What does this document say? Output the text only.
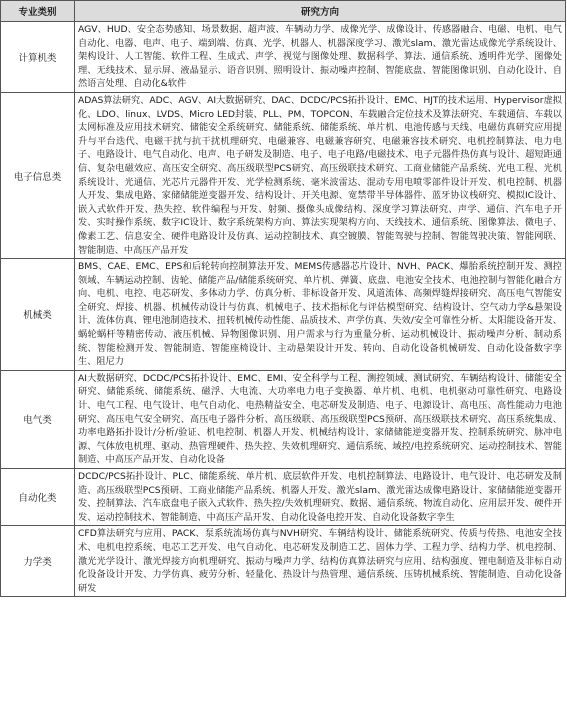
专业类别	研究方向
计算机类	AGV、HUD、安全态势感知、场景数据、超声波、车辆动力学、成像光学、成像设计、传感器融合、电磁、电机、电气自动化、电器、电声、电子、端到端、仿真、光学、机器人、机器深度学习、激光slam、激光雷达成像光学系统设计、架构设计、人工智能、软件工程、生成式、声学、视觉与图像处理、数据科学、算法、通信系统、透明件光学、图像处理、无线技术、显示屏、液晶显示、语音识别、照明设计、振动噪声控制、智能底盘、智能图像识别、自动化设计、自然语言处理、自动化&软件
电子信息类	ADAS算法研究、ADC、AGV、AI大数据研究、DAC、DCDC/PCS拓扑设计、EMC、HJT的技术运用、Hypervisor虚拟化、LDO、linux、LVDS、Micro LED封装、PLL、PM、TOPCON、车载融合定位技术及算法研究、车载通信、车载以太网标准及应用技术研究、储能安全系统研究、储能系统、储能系统、单片机、电池传感与天线、电磁仿真研究应用提升与平台迭代、电磁干扰与抗干扰机理研究、电磁兼容、电磁兼容研究、电磁兼容技术研究、电机控制算法、电力电子、电路设计、电气自动化、电声、电子研发及制造、电子、电子电路/电磁技术、电子元器件热仿真与设计、超短距通信、复杂电磁效应、高压安全研究、高压级联型PCS研究、高压级联技术研究、工商业储能产品系统、光电工程、光机系统设计、光通信、光芯片元器件开发、光学检测系统、毫米波雷达、混动专用电喷零部件设计开发、机电控制、机器人开发、集成电路、家储储能逆变器开发、结构设计、开关电源、宽禁带半导体器件、蓝牙协议栈研究、模拟IC设计、嵌入式软件开发、热失控、软件编程与开发、射频、摄像头成像结构、深度学习算法研究、声学、通信、汽车电子开发、实时操作系统、数字IC设计、数字系统架构方向、算法实现架构方向、天线技术、通信系统、图像算法、微电子、像素工艺、信息安全、硬件电路设计及仿真、运动控制技术、真空镀膜、智能驾驶与控制、智能驾驶决策、智能网联、智能制造、中高压产品开发
机械类	BMS、CAE、EMC、EPS和后轮转向控制算法开发、MEMS传感器芯片设计、NVH、PACK、爆胎系统控制开发、测控领域、车辆运动控制、齿轮、储能产品/储能系统研究、单片机、弹簧、底盘、电池安全技术、电池控制与智能化融合方向、电机、电控、电芯研发、多体动力学、仿真分析、非标设备开发、风道流体、高频焊缝焊接研究、高压电气智能安全研究、焊接、机器、机械传动设计与仿真、机械电子、技术指标化与评估模型研究、结构设计、空气动力学&悬架设计、流体仿真、锂电池制造技术、扭转机械传动性能、品质技术、声学仿真、失效/安全可靠性分析、太阳能设备开发、蜗轮蜗杆等精密传动、液压机械、异物图像识别、用户需求与行为重量分析、运动机械设计、振动噪声分析、制动系统、智能检测开发、智能制造、智能座椅设计、主动悬架设计开发、转向、自动化设备机械研发、自动化设备数字孪生、阻尼力
电气类	AI大数据研究、DCDC/PCS拓扑设计、EMC、EMI、安全科学与工程、测控领域、测试研究、车辆结构设计、储能安全研究、储能系统、储能系统、磁浮、大电流、大功率电力电子变换器、单片机、电机、电机驱动可靠性研究、电路设计、电气工程、电气设计、电气自动化、电热精益安全、电芯研发及制造、电子、电源设计、高电压、高性能动力电池研究、高压电气安全研究、高压电子器件分析、高压级联、高压级联型PCS预研、高压级联技术研究、高压系统集成、功率电路拓扑设计/分析/验证、机电控制、机器人开发、机械结构设计、家储储能逆变器开发、控制系统研究、脉冲电源、气体放电机理、驱动、热管理硬件、热失控、失效机理研究、通信系统、域控/电控系统研究、运动控制技术、智能制造、中高压产品开发、自动化设备
自动化类	DCDC/PCS拓扑设计、PLC、储能系统、单片机、底层软件开发、电机控制算法、电路设计、电气设计、电芯研发及制造、高压级联型PCS预研、工商业储能产品系统、机器人开发、激光slam、激光雷达成像电路设计、家储储能逆变器开发、控制算法、汽车底盘电子嵌入式软件、热失控/失效机理研究、数据、通信系统、物流自动化、应用层开发、硬件开发、运动控制技术、智能制造、中高压产品开发、自动化设备电控开发、自动化设备数字孪生
力学类	CFD算法研究与应用、PACK、泵系统流场仿真与NVH研究、车辆结构设计、储能系统研究、传质与传热、电池安全技术、电机电控系统、电芯工艺开发、电气自动化、电芯研发及制造工艺、固体力学、工程力学、结构力学、机电控制、激光光学设计、激光焊接方向机理研究、振动与噪声力学、结构仿真算法研究与应用、结构强度、锂电制造及非标自动化设备设计开发、力学仿真、疲劳分析、轻量化、热设计与热管理、通信系统、压铸机械系统、智能制造、自动化设备研发
